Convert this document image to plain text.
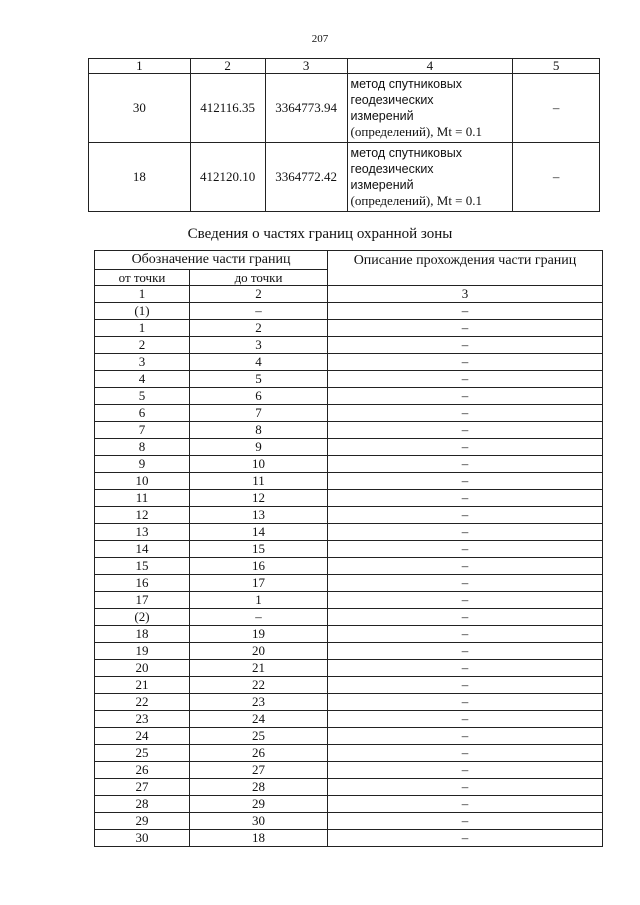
207
1	2	3	4	5
30	412116.35	3364773.94	метод спутниковых
геодезических
измерений
(определений), Mt = 0.1	–
18	412120.10	3364772.42	метод спутниковых
геодезических
измерений
(определений), Mt = 0.1	–
Сведения о частях границ охранной зоны
Обозначение части границ		Описание прохождения части границ
от точки	до точки	
1	2	3
(1)	–	–
1	2	–
2	3	–
3	4	–
4	5	–
5	6	–
6	7	–
7	8	–
8	9	–
9	10	–
10	11	–
11	12	–
12	13	–
13	14	–
14	15	–
15	16	–
16	17	–
17	1	–
(2)	–	–
18	19	–
19	20	–
20	21	–
21	22	–
22	23	–
23	24	–
24	25	–
25	26	–
26	27	–
27	28	–
28	29	–
29	30	–
30	18	–
